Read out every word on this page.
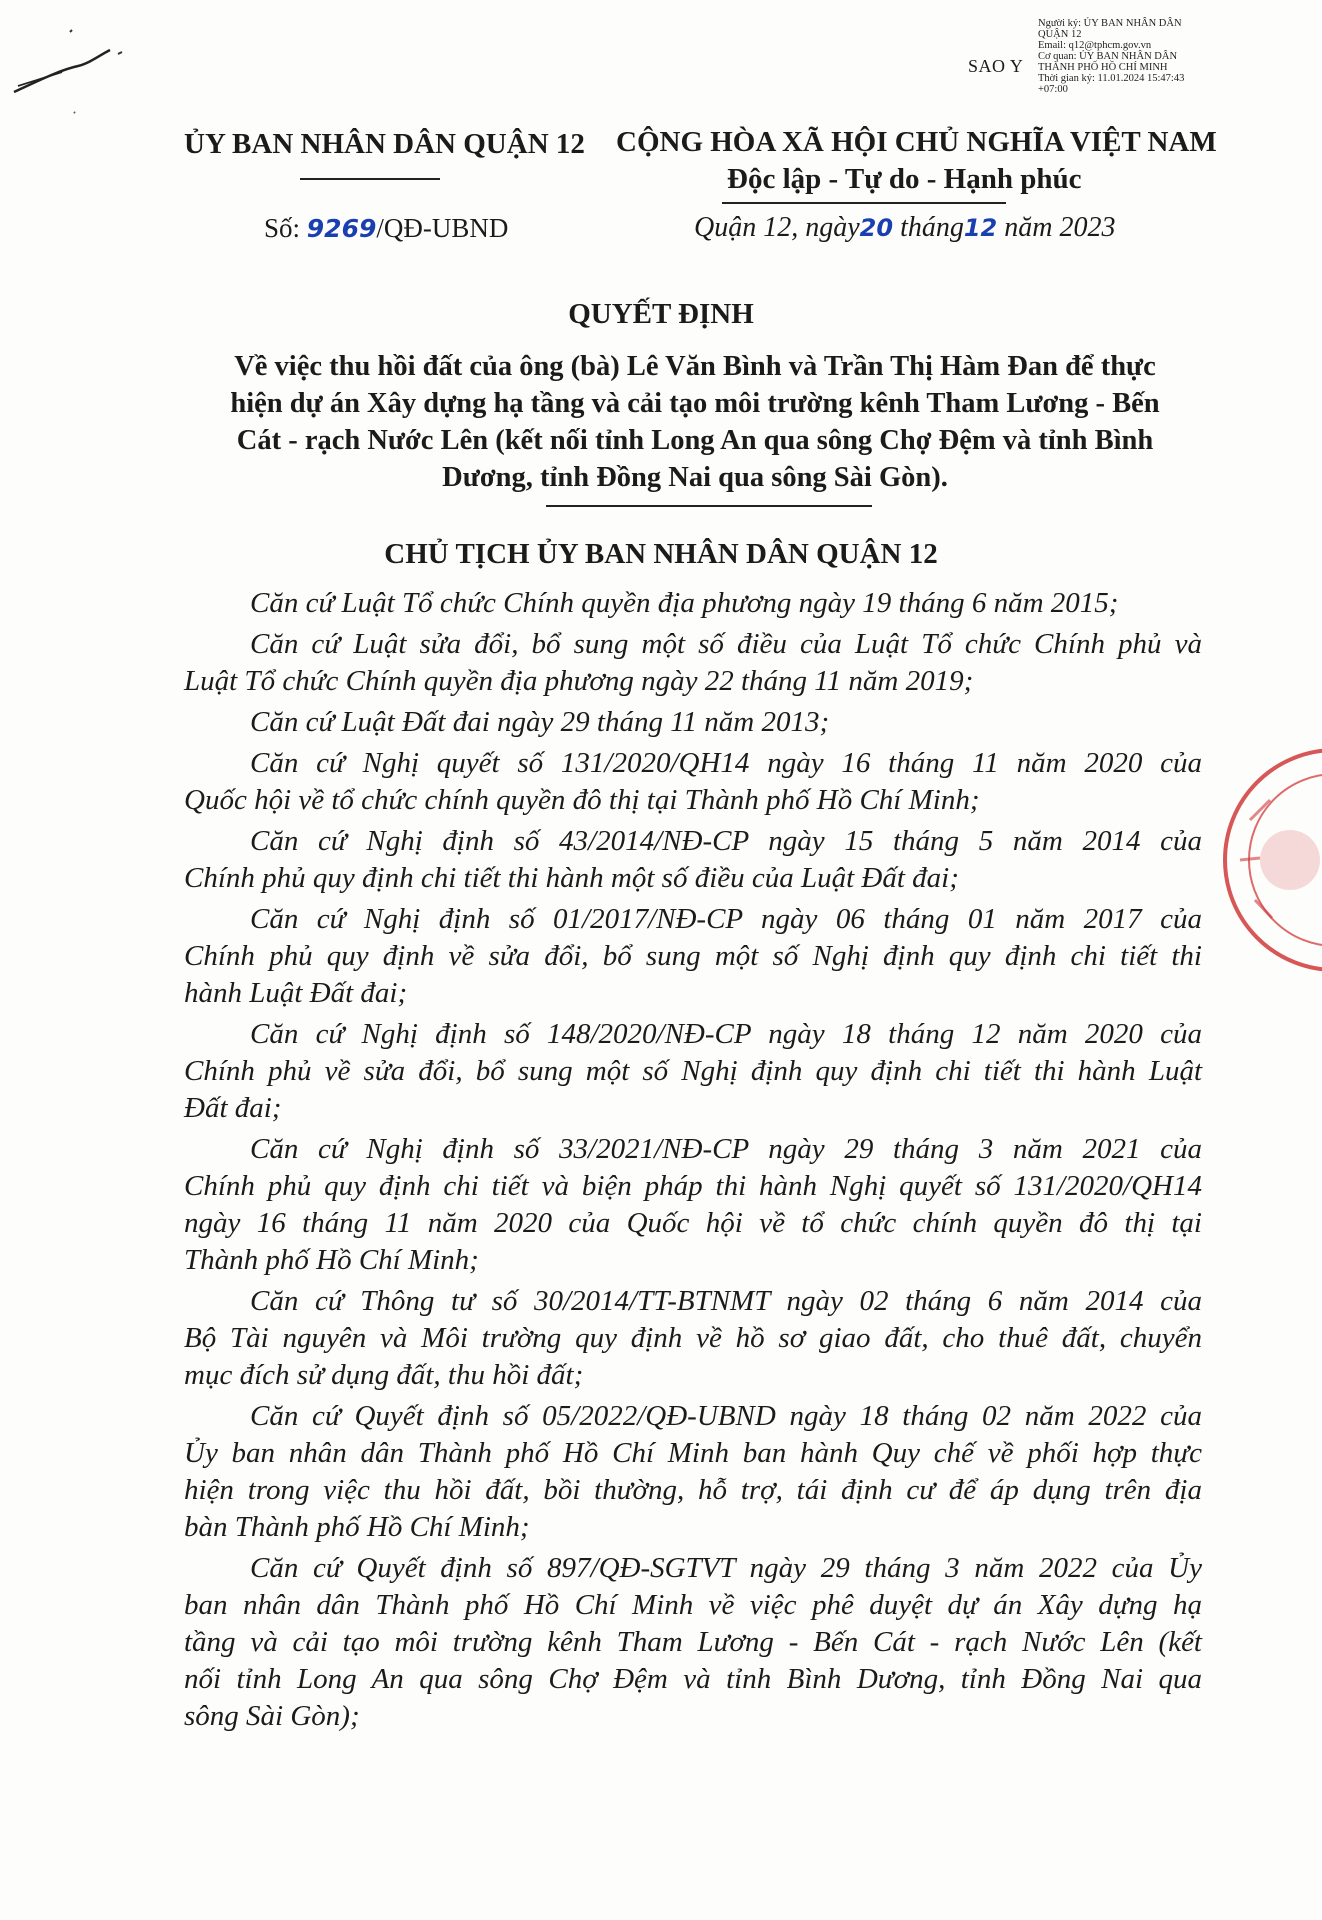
SAO Y
Người ký: ỦY BAN NHÂN DÂN
QUẬN 12
Email: q12@tphcm.gov.vn
Cơ quan: ỦY BAN NHÂN DÂN
THÀNH PHỐ HỒ CHÍ MINH
Thời gian ký: 11.01.2024 15:47:43
+07:00
ỦY BAN NHÂN DÂN QUẬN 12 CỘNG HÒA XÃ HỘI CHỦ NGHĨA VIỆT NAM
Độc lập - Tự do - Hạnh phúc
Số: 9269/QĐ-UBND	Quận 12, ngày20 tháng12 năm 2023
QUYẾT ĐỊNH
Về việc thu hồi đất của ông (bà) Lê Văn Bình và Trần Thị Hàm Đan để thực
hiện dự án Xây dựng hạ tầng và cải tạo môi trường kênh Tham Lương - Bến
Cát - rạch Nước Lên (kết nối tỉnh Long An qua sông Chợ Đệm và tỉnh Bình
Dương, tỉnh Đồng Nai qua sông Sài Gòn).
CHỦ TỊCH ỦY BAN NHÂN DÂN QUẬN 12
Căn cứ Luật Tổ chức Chính quyền địa phương ngày 19 tháng 6 năm 2015;
Căn cứ Luật sửa đổi, bổ sung một số điều của Luật Tổ chức Chính phủ và
Luật Tổ chức Chính quyền địa phương ngày 22 tháng 11 năm 2019;
Căn cứ Luật Đất đai ngày 29 tháng 11 năm 2013;
Căn cứ Nghị quyết số 131/2020/QH14 ngày 16 tháng 11 năm 2020 của
Quốc hội về tổ chức chính quyền đô thị tại Thành phố Hồ Chí Minh;
Căn cứ Nghị định số 43/2014/NĐ-CP ngày 15 tháng 5 năm 2014 của
Chính phủ quy định chi tiết thi hành một số điều của Luật Đất đai;
Căn cứ Nghị định số 01/2017/NĐ-CP ngày 06 tháng 01 năm 2017 của
Chính phủ quy định về sửa đổi, bổ sung một số Nghị định quy định chi tiết thi
hành Luật Đất đai;
Căn cứ Nghị định số 148/2020/NĐ-CP ngày 18 tháng 12 năm 2020 của
Chính phủ về sửa đổi, bổ sung một số Nghị định quy định chi tiết thi hành Luật
Đất đai;
Căn cứ Nghị định số 33/2021/NĐ-CP ngày 29 tháng 3 năm 2021 của
Chính phủ quy định chi tiết và biện pháp thi hành Nghị quyết số 131/2020/QH14
ngày 16 tháng 11 năm 2020 của Quốc hội về tổ chức chính quyền đô thị tại
Thành phố Hồ Chí Minh;
Căn cứ Thông tư số 30/2014/TT-BTNMT ngày 02 tháng 6 năm 2014 của
Bộ Tài nguyên và Môi trường quy định về hồ sơ giao đất, cho thuê đất, chuyển
mục đích sử dụng đất, thu hồi đất;
Căn cứ Quyết định số 05/2022/QĐ-UBND ngày 18 tháng 02 năm 2022 của
Ủy ban nhân dân Thành phố Hồ Chí Minh ban hành Quy chế về phối hợp thực
hiện trong việc thu hồi đất, bồi thường, hỗ trợ, tái định cư để áp dụng trên địa
bàn Thành phố Hồ Chí Minh;
Căn cứ Quyết định số 897/QĐ-SGTVT ngày 29 tháng 3 năm 2022 của Ủy
ban nhân dân Thành phố Hồ Chí Minh về việc phê duyệt dự án Xây dựng hạ
tầng và cải tạo môi trường kênh Tham Lương - Bến Cát - rạch Nước Lên (kết
nối tỉnh Long An qua sông Chợ Đệm và tỉnh Bình Dương, tỉnh Đồng Nai qua
sông Sài Gòn);
